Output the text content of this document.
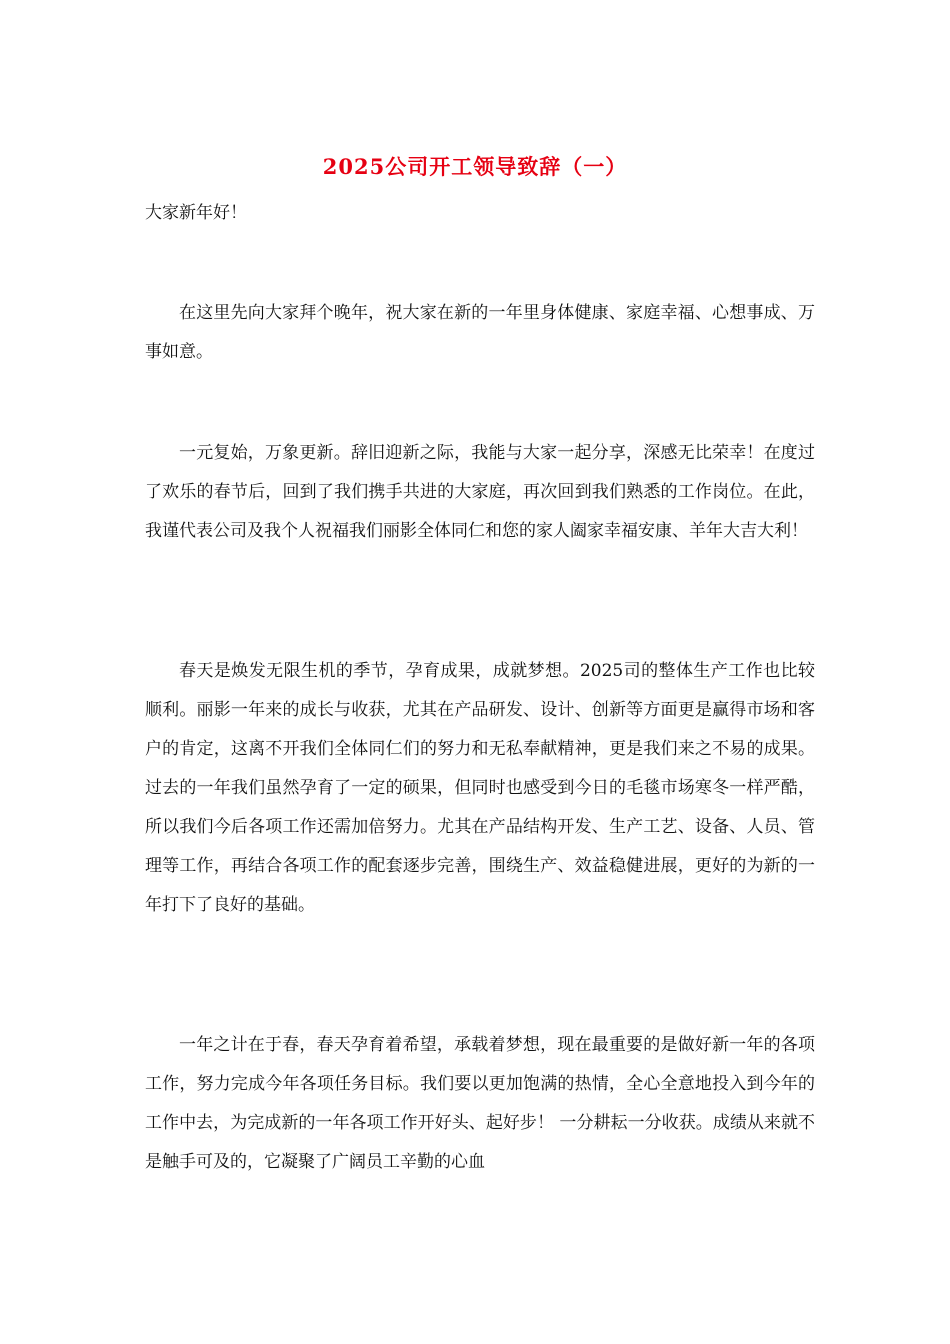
2025公司开工领导致辞（一）
大家新年好！

在这里先向大家拜个晚年，祝大家在新的一年里身体健康、家庭幸福、心想事成、万事如意。

一元复始，万象更新。辞旧迎新之际，我能与大家一起分享，深感无比荣幸！在度过了欢乐的春节后，回到了我们携手共进的大家庭，再次回到我们熟悉的工作岗位。在此，我谨代表公司及我个人祝福我们丽影全体同仁和您的家人阖家幸福安康、羊年大吉大利！

春天是焕发无限生机的季节，孕育成果，成就梦想。2025司的整体生产工作也比较顺利。丽影一年来的成长与收获，尤其在产品研发、设计、创新等方面更是赢得市场和客户的肯定，这离不开我们全体同仁们的努力和无私奉献精神，更是我们来之不易的成果。过去的一年我们虽然孕育了一定的硕果，但同时也感受到今日的毛毯市场寒冬一样严酷，所以我们今后各项工作还需加倍努力。尤其在产品结构开发、生产工艺、设备、人员、管理等工作，再结合各项工作的配套逐步完善，围绕生产、效益稳健进展，更好的为新的一年打下了良好的基础。

一年之计在于春，春天孕育着希望，承载着梦想，现在最重要的是做好新一年的各项工作，努力完成今年各项任务目标。我们要以更加饱满的热情，全心全意地投入到今年的工作中去，为完成新的一年各项工作开好头、起好步！ 一分耕耘一分收获。成绩从来就不是触手可及的，它凝聚了广阔员工辛勤的心血
